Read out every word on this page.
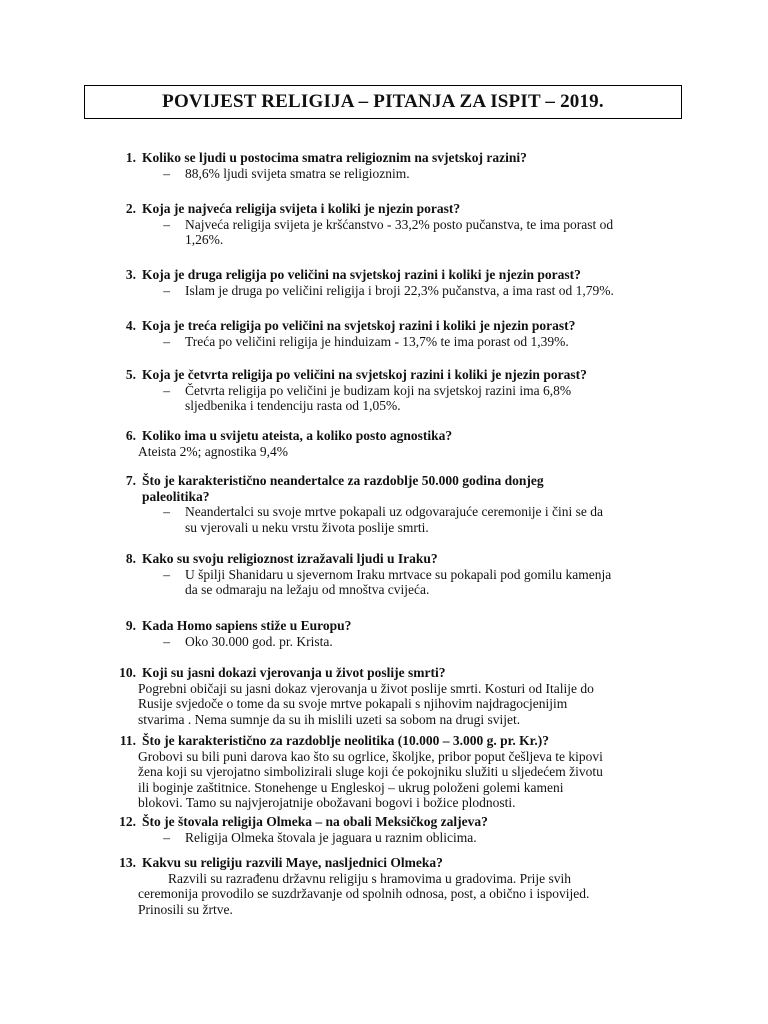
POVIJEST RELIGIJA – PITANJA ZA ISPIT – 2019.
1. Koliko se ljudi u postocima smatra religioznim na svjetskoj razini?
–	88,6% ljudi svijeta smatra se religioznim.
2. Koja je najveća religija svijeta i koliki je njezin porast?
–	Najveća religija svijeta je kršćanstvo - 33,2% posto pučanstva, te ima porast od
1,26%.
3. Koja je druga religija po veličini na svjetskoj razini i koliki je njezin porast?
–	Islam je druga po veličini religija i broji 22,3% pučanstva, a ima rast od 1,79%.
4. Koja je treća religija po veličini na svjetskoj razini i koliki je njezin porast?
–	Treća po veličini religija je hinduizam - 13,7% te ima porast od 1,39%.
5. Koja je četvrta religija po veličini na svjetskoj razini i koliki je njezin porast?
–	Četvrta religija po veličini je budizam koji na svjetskoj razini ima 6,8%
sljedbenika i tendenciju rasta od 1,05%.
6. Koliko ima u svijetu ateista, a koliko posto agnostika?
Ateista 2%; agnostika 9,4%
7. Što je karakteristično neandertalce za razdoblje 50.000 godina donjeg
paleolitika?
–	Neandertalci su svoje mrtve pokapali uz odgovarajuće ceremonije i čini se da
su vjerovali u neku vrstu života poslije smrti.
8. Kako su svoju religioznost izražavali ljudi u Iraku?
–	U špilji Shanidaru u sjevernom Iraku mrtvace su pokapali pod gomilu kamenja
da se odmaraju na ležaju od mnoštva cvijeća.
9. Kada Homo sapiens stiže u Europu?
–	Oko 30.000 god. pr. Krista.
10. Koji su jasni dokazi vjerovanja u život poslije smrti?
Pogrebni običaji su jasni dokaz vjerovanja u život poslije smrti. Kosturi od Italije do
Rusije svjedoče o tome da su svoje mrtve pokapali s njihovim najdragocjenijim
stvarima . Nema sumnje da su ih mislili uzeti sa sobom na drugi svijet.
11. Što je karakteristično za razdoblje neolitika (10.000 – 3.000 g. pr. Kr.)?
Grobovi su bili puni darova kao što su ogrlice, školjke, pribor poput češljeva te kipovi
žena koji su vjerojatno simbolizirali sluge koji će pokojniku služiti u sljedećem životu
ili boginje zaštitnice. Stonehenge u Engleskoj – ukrug položeni golemi kameni
blokovi. Tamo su najvjerojatnije obožavani bogovi i božice plodnosti.
12. Što je štovala religija Olmeka – na obali Meksičkog zaljeva?
–	Religija Olmeka štovala je jaguara u raznim oblicima.
13. Kakvu su religiju razvili Maye, nasljednici Olmeka?
Razvili su razrađenu državnu religiju s hramovima u gradovima. Prije svih
ceremonija provodilo se suzdržavanje od spolnih odnosa, post, a obično i ispovijed.
Prinosili su žrtve.
